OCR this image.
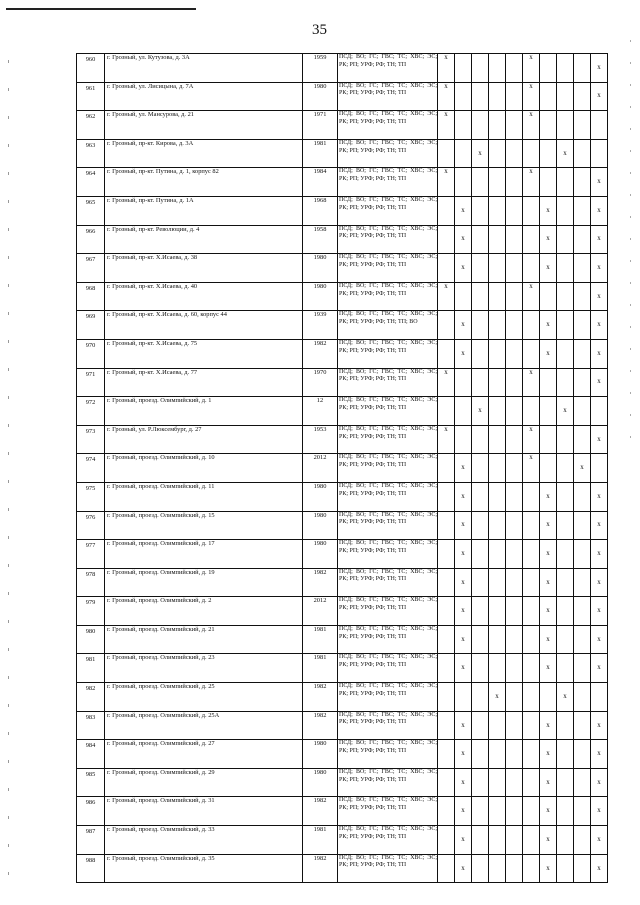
35
960	г. Грозный, ул. Кутузова, д. 3А	1959	ПСД; ВО; ГС; ГВС; ТС; ХВС; ЭС; РК; РП; УРФ; РФ; ТН; ТП	x					x				x
961	г. Грозный, ул. Лисицына, д. 7А	1980	ПСД; ВО; ГС; ГВС; ТС; ХВС; ЭС; РК; РП; УРФ; РФ; ТН; ТП	x					x				x
962	г. Грозный, ул. Мансурова, д. 21	1971	ПСД; ВО; ГС; ГВС; ТС; ХВС; ЭС; РК; РП; УРФ; РФ; ТН; ТП	x					x				
963	г. Грозный, пр-кт. Кирова, д. 3А	1981	ПСД; ВО; ГС; ГВС; ТС; ХВС; ЭС; РК; РП; УРФ; РФ; ТН; ТП			x					x		
964	г. Грозный, пр-кт. Путина, д. 1, корпус 82	1984	ПСД; ВО; ГС; ГВС; ТС; ХВС; ЭС; РК; РП; УРФ; РФ; ТН; ТП	x					x				x
965	г. Грозный, пр-кт. Путина, д. 1А	1968	ПСД; ВО; ГС; ГВС; ТС; ХВС; ЭС; РК; РП; УРФ; РФ; ТН; ТП		x					x			x
966	г. Грозный, пр-кт. Революции, д. 4	1958	ПСД; ВО; ГС; ГВС; ТС; ХВС; ЭС; РК; РП; УРФ; РФ; ТН; ТП		x					x			x
967	г. Грозный, пр-кт. Х.Исаева, д. 38	1980	ПСД; ВО; ГС; ГВС; ТС; ХВС; ЭС; РК; РП; УРФ; РФ; ТН; ТП		x					x			x
968	г. Грозный, пр-кт. Х.Исаева, д. 40	1980	ПСД; ВО; ГС; ГВС; ТС; ХВС; ЭС; РК; РП; УРФ; РФ; ТН; ТП	x					x				x
969	г. Грозный, пр-кт. Х.Исаева, д. 60, корпус 44	1939	ПСД; ВО; ГС; ГВС; ТС; ХВС; ЭС; РК; РП; УРФ; РФ; ТН; ТП; ВО		x					x			x
970	г. Грозный, пр-кт. Х.Исаева, д. 75	1982	ПСД; ВО; ГС; ГВС; ТС; ХВС; ЭС; РК; РП; УРФ; РФ; ТН; ТП		x					x			x
971	г. Грозный, пр-кт. Х.Исаева, д. 77	1970	ПСД; ВО; ГС; ГВС; ТС; ХВС; ЭС; РК; РП; УРФ; РФ; ТН; ТП	x					x				x
972	г. Грозный, проезд. Олимпийский, д. 1	12	ПСД; ВО; ГС; ГВС; ТС; ХВС; ЭС; РК; РП; УРФ; РФ; ТН; ТП			x					x		
973	г. Грозный, ул. Р.Люксембург, д. 27	1953	ПСД; ВО; ГС; ГВС; ТС; ХВС; ЭС; РК; РП; УРФ; РФ; ТН; ТП	x					x				x
974	г. Грозный, проезд. Олимпийский, д. 10	2012	ПСД; ВО; ГС; ГВС; ТС; ХВС; ЭС; РК; РП; УРФ; РФ; ТН; ТП		x				x			x	
975	г. Грозный, проезд. Олимпийский, д. 11	1980	ПСД; ВО; ГС; ГВС; ТС; ХВС; ЭС; РК; РП; УРФ; РФ; ТН; ТП		x					x			x
976	г. Грозный, проезд. Олимпийский, д. 15	1980	ПСД; ВО; ГС; ГВС; ТС; ХВС; ЭС; РК; РП; УРФ; РФ; ТН; ТП		x					x			x
977	г. Грозный, проезд. Олимпийский, д. 17	1980	ПСД; ВО; ГС; ГВС; ТС; ХВС; ЭС; РК; РП; УРФ; РФ; ТН; ТП		x					x			x
978	г. Грозный, проезд. Олимпийский, д. 19	1982	ПСД; ВО; ГС; ГВС; ТС; ХВС; ЭС; РК; РП; УРФ; РФ; ТН; ТП		x					x			x
979	г. Грозный, проезд. Олимпийский, д. 2	2012	ПСД; ВО; ГС; ГВС; ТС; ХВС; ЭС; РК; РП; УРФ; РФ; ТН; ТП		x					x			x
980	г. Грозный, проезд. Олимпийский, д. 21	1981	ПСД; ВО; ГС; ГВС; ТС; ХВС; ЭС; РК; РП; УРФ; РФ; ТН; ТП		x					x			x
981	г. Грозный, проезд. Олимпийский, д. 23	1981	ПСД; ВО; ГС; ГВС; ТС; ХВС; ЭС; РК; РП; УРФ; РФ; ТН; ТП		x					x			x
982	г. Грозный, проезд. Олимпийский, д. 25	1982	ПСД; ВО; ГС; ГВС; ТС; ХВС; ЭС; РК; РП; УРФ; РФ; ТН; ТП				x				x		
983	г. Грозный, проезд. Олимпийский, д. 25А	1982	ПСД; ВО; ГС; ГВС; ТС; ХВС; ЭС; РК; РП; УРФ; РФ; ТН; ТП		x					x			x
984	г. Грозный, проезд. Олимпийский, д. 27	1980	ПСД; ВО; ГС; ГВС; ТС; ХВС; ЭС; РК; РП; УРФ; РФ; ТН; ТП		x					x			x
985	г. Грозный, проезд. Олимпийский, д. 29	1980	ПСД; ВО; ГС; ГВС; ТС; ХВС; ЭС; РК; РП; УРФ; РФ; ТН; ТП		x					x			x
986	г. Грозный, проезд. Олимпийский, д. 31	1982	ПСД; ВО; ГС; ГВС; ТС; ХВС; ЭС; РК; РП; УРФ; РФ; ТН; ТП		x					x			x
987	г. Грозный, проезд. Олимпийский, д. 33	1981	ПСД; ВО; ГС; ГВС; ТС; ХВС; ЭС; РК; РП; УРФ; РФ; ТН; ТП		x					x			x
988	г. Грозный, проезд. Олимпийский, д. 35	1982	ПСД; ВО; ГС; ГВС; ТС; ХВС; ЭС; РК; РП; УРФ; РФ; ТН; ТП		x					x			x
